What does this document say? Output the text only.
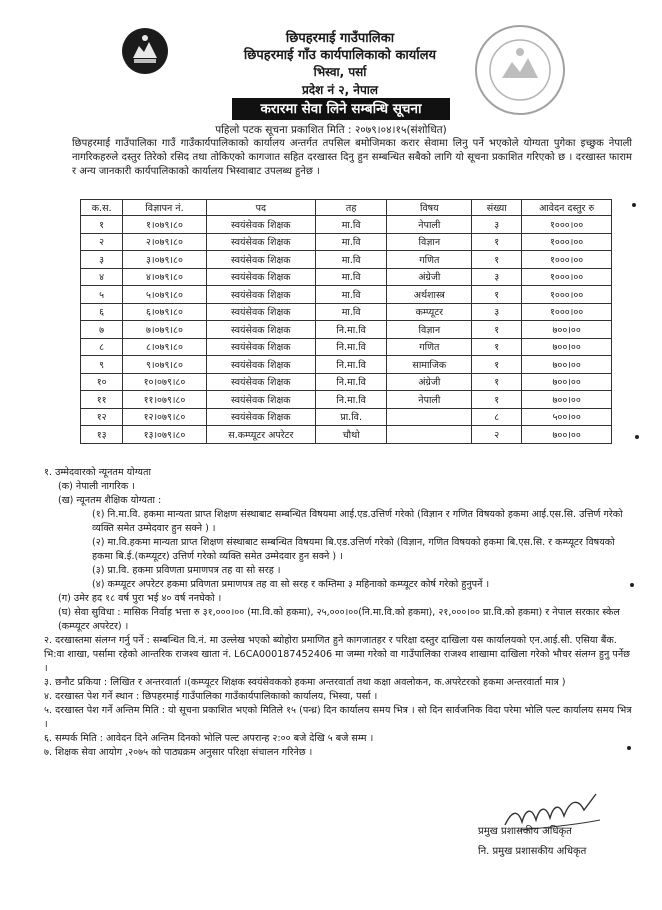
छिपहरमाई गाउँपालिका
छिपहरमाई गाँउ कार्यपालिकाको कार्यालय
भिस्वा, पर्सा
प्रदेश नं २, नेपाल
करारमा सेवा लिने सम्बन्धि सूचना
पहिलो पटक सूचना प्रकाशित मिति : २०७९।०४।१५(संशोधित)
छिपहरमाई गाउँपालिका गाउँ गाउँकार्यपालिकाको कार्यालय अन्तर्गत तपसिल बमोजिमका करार सेवामा लिनु पर्ने भएकोले योग्यता पुगेका इच्छुक नेपाली नागरिकहरुले दस्तुर तिरेको रसिद तथा तोकिएको कागजात सहित दरखास्त दिनु हुन सम्बन्धित सबैको लागि यो सूचना प्रकाशित गरिएको छ । दरखास्त फाराम र अन्य जानकारी कार्यपालिकाको कार्यालय भिस्वाबाट उपलब्ध हुनेछ ।
क.स.	विज्ञापन नं.	पद	तह	विषय	संख्या	आवेदन दस्तुर रु
१	१।०७९।८०	स्वयंसेवक शिक्षक	मा.वि	नेपाली	३	१०००।००
२	२।०७९।८०	स्वयंसेवक शिक्षक	मा.वि	विज्ञान	१	१०००।००
३	३।०७९।८०	स्वयंसेवक शिक्षक	मा.वि	गणित	१	१०००।००
४	४।०७९।८०	स्वयंसेवक शिक्षक	मा.वि	अंग्रेजी	३	१०००।००
५	५।०७९।८०	स्वयंसेवक शिक्षक	मा.वि	अर्थशास्त्र	१	१०००।००
६	६।०७९।८०	स्वयंसेवक शिक्षक	मा.वि	कम्प्यूटर	३	१०००।००
७	७।०७९।८०	स्वयंसेवक शिक्षक	नि.मा.वि	विज्ञान	१	७००।००
८	८।०७९।८०	स्वयंसेवक शिक्षक	नि.मा.वि	गणित	१	७००।००
९	९।०७९।८०	स्वयंसेवक शिक्षक	नि.मा.वि	सामाजिक	१	७००।००
१०	१०।०७९।८०	स्वयंसेवक शिक्षक	नि.मा.वि	अंग्रेजी	१	७००।००
११	११।०७९।८०	स्वयंसेवक शिक्षक	नि.मा.वि	नेपाली	१	७००।००
१२	१२।०७९।८०	स्वयंसेवक शिक्षक	प्रा.वि.		८	५००।००
१३	१३।०७९।८०	स.कम्प्यूटर अपरेटर	चौथो		२	७००।००
१. उम्मेदवारको न्यूनतम योग्यता
(क) नेपाली नागरिक ।
(ख) न्यूनतम शैक्षिक योग्यता :
(१) नि.मा.वि. हकमा मान्यता प्राप्त शिक्षण संस्थाबाट सम्बन्धित विषयमा आई.एड.उत्तिर्ण गरेको (विज्ञान र गणित विषयको हकमा आई.एस.सि. उत्तिर्ण गरेको व्यक्ति समेत उम्मेदवार हुन सक्ने ) ।
(२) मा.वि.हकमा मान्यता प्राप्त शिक्षण संस्थाबाट सम्बन्धित विषयमा बि.एड.उत्तिर्ण गरेको (विज्ञान, गणित विषयको हकमा बि.एस.सि. र कम्प्यूटर विषयको हकमा बि.ई.(कम्प्यूटर) उत्तिर्ण गरेको व्यक्ति समेत उम्मेदवार हुन सक्ने ) ।
(३) प्रा.वि. हकमा प्रविणता प्रमाणपत्र तह वा सो सरह ।
(४) कम्प्यूटर अपरेटर हकमा प्रविणता प्रमाणपत्र तह वा सो सरह र कम्तिमा ३ महिनाको कम्प्यूटर कोर्ष गरेको हुनुपर्ने ।
(ग) उमेर हद १८ वर्ष पुरा भई ४० वर्ष ननघेको ।
(घ) सेवा सुविधा : मासिक निर्वाह भत्ता रु ३१,०००।०० (मा.वि.को हकमा), २५,०००।००(नि.मा.वि.को हकमा), २१,०००।०० प्रा.वि.को हकमा) र नेपाल सरकार स्केल (कम्प्यूटर अपरेटर) ।
२. दरखास्तमा संलग्न गर्नु पर्ने : सम्बन्धित वि.नं. मा उल्लेख भएको ब्योहोरा प्रमाणित हुने कागजातहर र परिक्षा दस्तुर दाखिला यस कार्यालयको एन.आई.सी. एसिया बैंक. भि:वा शाखा, पर्सामा रहेको आन्तरिक राजश्व खाता नं. L6CA000187452406 मा जम्मा गरेको वा गाउँपालिका राजश्व शाखामा दाखिला गरेको भौचर संलग्न हुनु पर्नेछ ।
३. छनौट प्रकिया : लिखित र अन्तरवार्ता ।(कम्प्यूटर शिक्षक स्वयंसेवकको हकमा अन्तरवार्ता तथा कक्षा अवलोकन, क.अपरेटरको हकमा अन्तरवार्ता मात्र )
४. दरखास्त पेश गर्ने स्थान : छिपहरमाई गाउँपालिका गाउँकार्यपालिकाको कार्यालय, भिस्वा, पर्सा ।
५. दरखास्त पेश गर्ने अन्तिम मिति : यो सूचना प्रकाशित भएको मितिले १५ (पन्ध्र) दिन कार्यालय समय भित्र । सो दिन सार्वजनिक विदा परेमा भोलि पल्ट कार्यालय समय भित्र ।
६. सम्पर्क मिति : आवेदन दिने अन्तिम दिनको भोलि पल्ट अपरान्ह २:०० बजे देखि ५ बजे सम्म ।
७. शिक्षक सेवा आयोग ,२०७५ को पाठ्यक्रम अनुसार परिक्षा संचालन गरिनेछ ।
प्रमुख प्रशासकीय अधिकृत
नि. प्रमुख प्रशासकीय अधिकृत
